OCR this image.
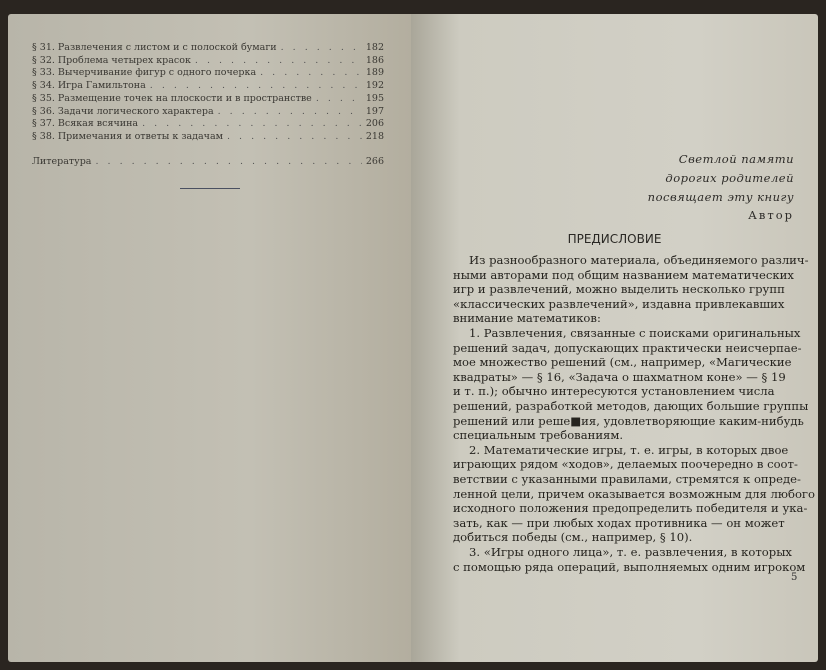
§ 31. Развлечения с листом и с полоской бумаги . . .	182
§ 32. Проблема четырех красок . . .	186
§ 33. Вычерчивание фигур с одного почерка . . .	189
§ 34. Игра Гамильтона . . .	192
§ 35. Размещение точек на плоскости и в пространстве . . .	195
§ 36. Задачи логического характера . . .	197
§ 37. Всякая всячина . . .	206
§ 38. Примечания и ответы к задачам . . .	218
Литература . . .	266	Светлой памяти
дорогих родителей
посвящает эту книгу
Автор
ПРЕДИСЛОВИЕ
Из разнообразного материала, объединяемого различ-
ными авторами под общим названием математических
игр и развлечений, можно выделить несколько групп
«классических развлечений», издавна привлекавших
внимание математиков:
1. Развлечения, связанные с поисками оригинальных
решений задач, допускающих практически неисчерпае-
мое множество решений (см., например, «Магические
квадраты» — § 16, «Задача о шахматном коне» — § 19
и т. п.); обычно интересуются установлением числа
решений, разработкой методов, дающих большие группы
решений или реше■ия, удовлетворяющие каким-нибудь
специальным требованиям.
2. Математические игры, т. е. игры, в которых двое
играющих рядом «ходов», делаемых поочередно в соот-
ветствии с указанными правилами, стремятся к опреде-
ленной цели, причем оказывается возможным для любого
исходного положения предопределить победителя и ука-
зать, как — при любых ходах противника — он может
добиться победы (см., например, § 10).
3. «Игры одного лица», т. е. развлечения, в которых
с помощью ряда операций, выполняемых одним игроком
5
